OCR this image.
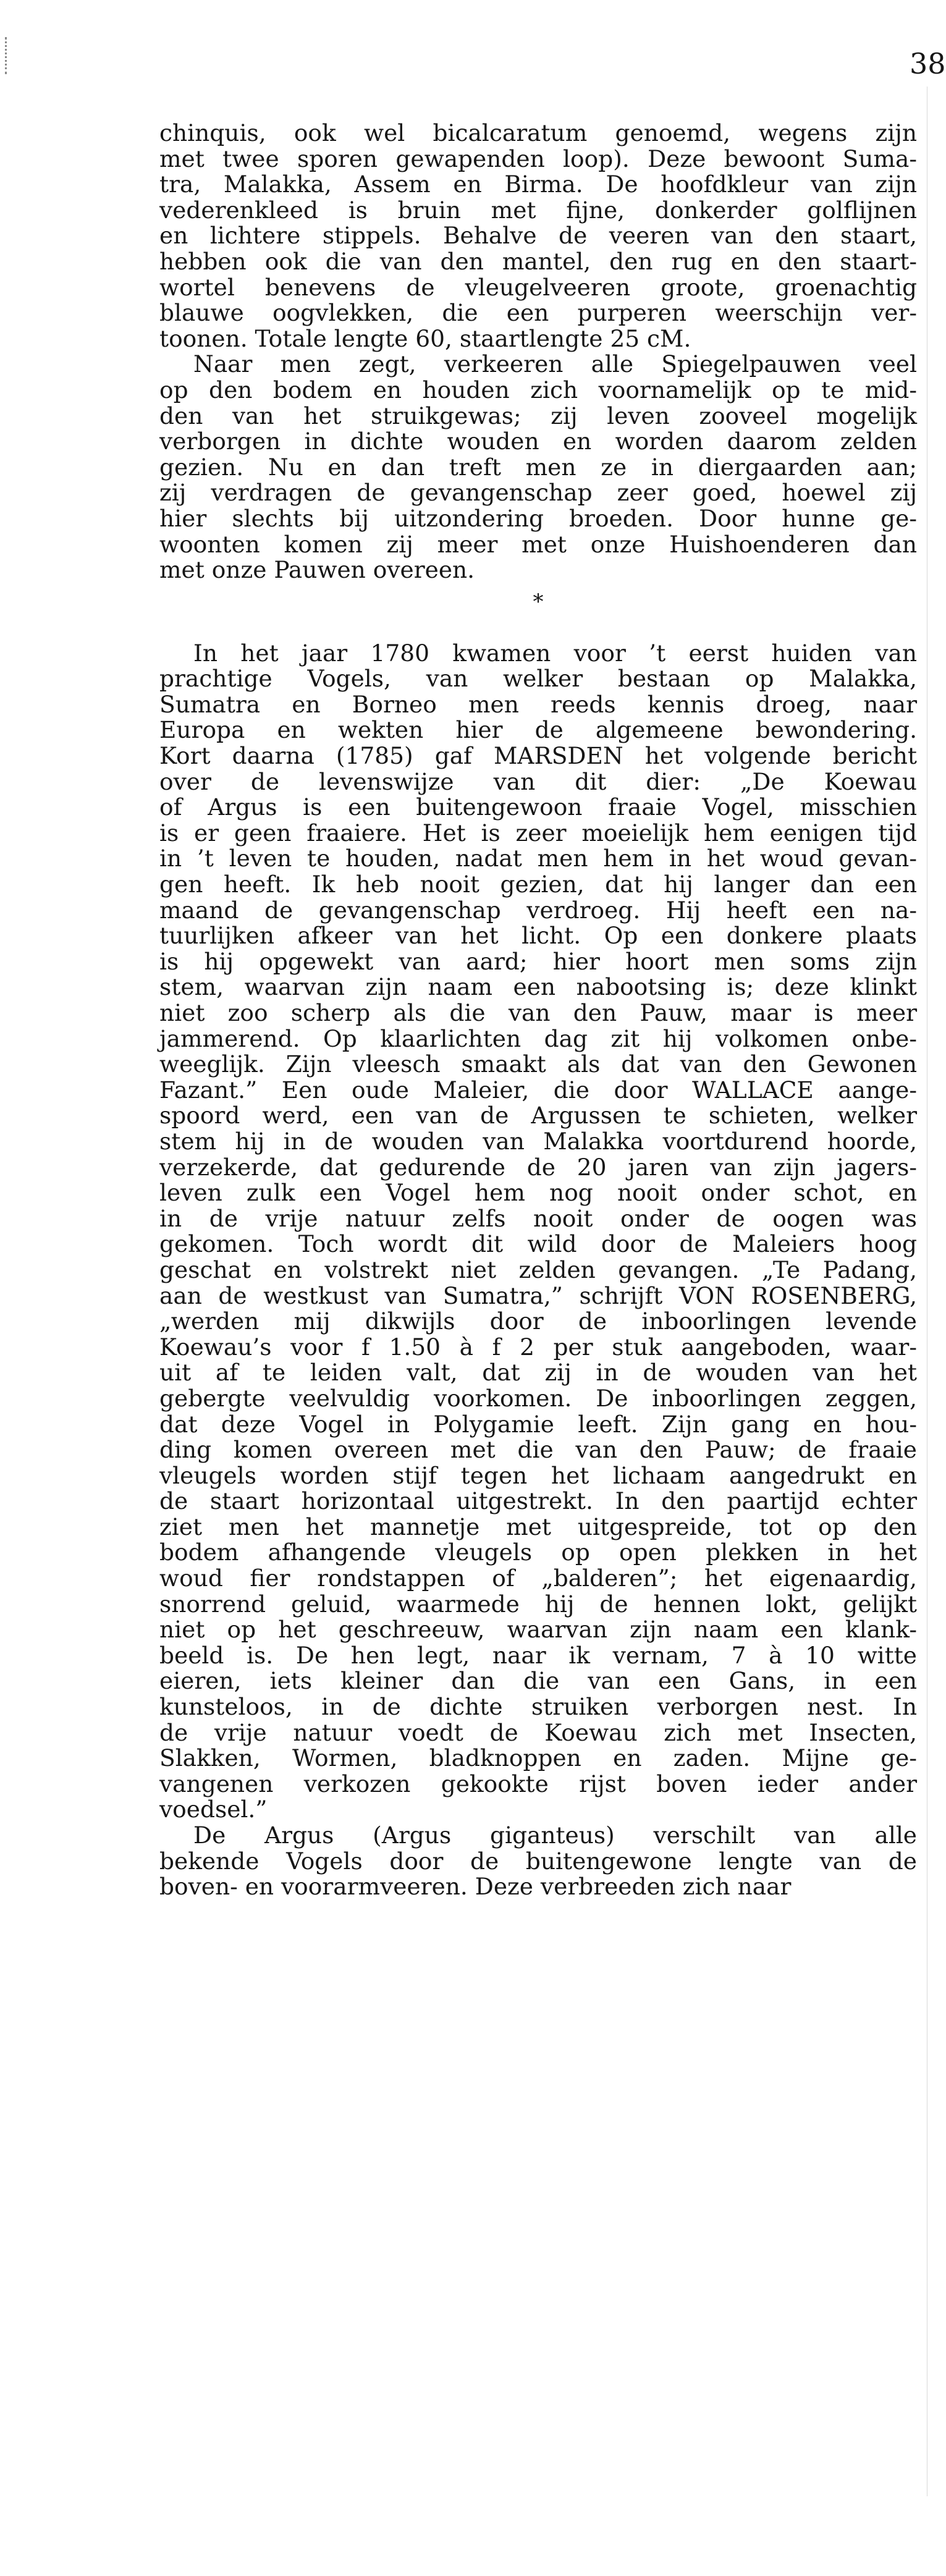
38
chinquis, ook wel bicalcaratum genoemd, wegens zijn
met twee sporen gewapenden loop). Deze bewoont Suma-
tra, Malakka, Assem en Birma. De hoofdkleur van zijn
vederenkleed is bruin met fijne, donkerder golflijnen
en lichtere stippels. Behalve de veeren van den staart,
hebben ook die van den mantel, den rug en den staart-
wortel benevens de vleugelveeren groote, groenachtig
blauwe oogvlekken, die een purperen weerschijn ver-
toonen. Totale lengte 60, staartlengte 25 cM.
Naar men zegt, verkeeren alle Spiegelpauwen veel
op den bodem en houden zich voornamelijk op te mid-
den van het struikgewas; zij leven zooveel mogelijk
verborgen in dichte wouden en worden daarom zelden
gezien. Nu en dan treft men ze in diergaarden aan;
zij verdragen de gevangenschap zeer goed, hoewel zij
hier slechts bij uitzondering broeden. Door hunne ge-
woonten komen zij meer met onze Huishoenderen dan
met onze Pauwen overeen.
*
In het jaar 1780 kwamen voor ’t eerst huiden van
prachtige Vogels, van welker bestaan op Malakka,
Sumatra en Borneo men reeds kennis droeg, naar
Europa en wekten hier de algemeene bewondering.
Kort daarna (1785) gaf MARSDEN het volgende bericht
over de levenswijze van dit dier: „De Koewau
of Argus is een buitengewoon fraaie Vogel, misschien
is er geen fraaiere. Het is zeer moeielijk hem eenigen tijd
in ’t leven te houden, nadat men hem in het woud gevan-
gen heeft. Ik heb nooit gezien, dat hij langer dan een
maand de gevangenschap verdroeg. Hij heeft een na-
tuurlijken afkeer van het licht. Op een donkere plaats
is hij opgewekt van aard; hier hoort men soms zijn
stem, waarvan zijn naam een nabootsing is; deze klinkt
niet zoo scherp als die van den Pauw, maar is meer
jammerend. Op klaarlichten dag zit hij volkomen onbe-
weeglijk. Zijn vleesch smaakt als dat van den Gewonen
Fazant.” Een oude Maleier, die door WALLACE aange-
spoord werd, een van de Argussen te schieten, welker
stem hij in de wouden van Malakka voortdurend hoorde,
verzekerde, dat gedurende de 20 jaren van zijn jagers-
leven zulk een Vogel hem nog nooit onder schot, en
in de vrije natuur zelfs nooit onder de oogen was
gekomen. Toch wordt dit wild door de Maleiers hoog
geschat en volstrekt niet zelden gevangen. „Te Padang,
aan de westkust van Sumatra,” schrijft VON ROSENBERG,
„werden mij dikwijls door de inboorlingen levende
Koewau’s voor f 1.50 à f 2 per stuk aangeboden, waar-
uit af te leiden valt, dat zij in de wouden van het
gebergte veelvuldig voorkomen. De inboorlingen zeggen,
dat deze Vogel in Polygamie leeft. Zijn gang en hou-
ding komen overeen met die van den Pauw; de fraaie
vleugels worden stijf tegen het lichaam aangedrukt en
de staart horizontaal uitgestrekt. In den paartijd echter
ziet men het mannetje met uitgespreide, tot op den
bodem afhangende vleugels op open plekken in het
woud fier rondstappen of „balderen”; het eigenaardig,
snorrend geluid, waarmede hij de hennen lokt, gelijkt
niet op het geschreeuw, waarvan zijn naam een klank-
beeld is. De hen legt, naar ik vernam, 7 à 10 witte
eieren, iets kleiner dan die van een Gans, in een
kunsteloos, in de dichte struiken verborgen nest. In
de vrije natuur voedt de Koewau zich met Insecten,
Slakken, Wormen, bladknoppen en zaden. Mijne ge-
vangenen verkozen gekookte rijst boven ieder ander
voedsel.”
De Argus (Argus giganteus) verschilt van alle
bekende Vogels door de buitengewone lengte van de
boven- en voorarmveeren. Deze verbreeden zich naar
